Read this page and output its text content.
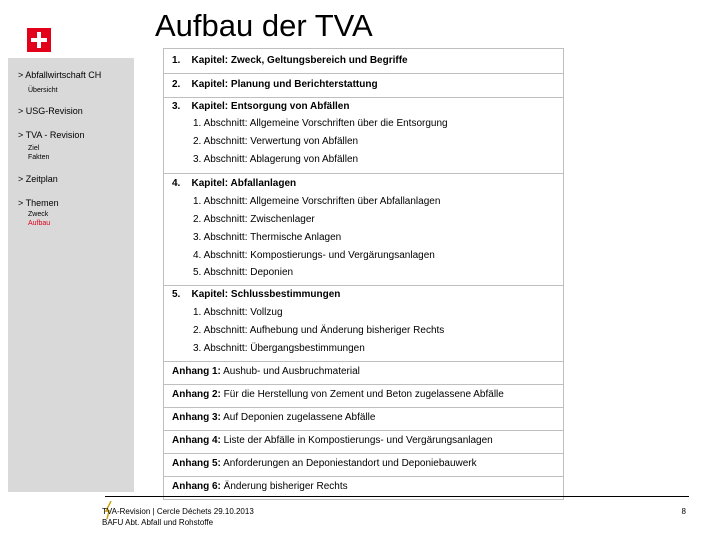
Aufbau der TVA
> Abfallwirtschaft CH
Übersicht
> USG-Revision
> TVA - Revision
Ziel
Fakten
> Zeitplan
> Themen
Zweck
Aufbau
1. Kapitel: Zweck, Geltungsbereich und Begriffe
2. Kapitel: Planung und Berichterstattung
3. Kapitel: Entsorgung von Abfällen
1. Abschnitt: Allgemeine Vorschriften über die Entsorgung
2. Abschnitt: Verwertung von Abfällen
3. Abschnitt: Ablagerung von Abfällen
4. Kapitel: Abfallanlagen
1. Abschnitt: Allgemeine Vorschriften über Abfallanlagen
2. Abschnitt: Zwischenlager
3. Abschnitt: Thermische Anlagen
4. Abschnitt: Kompostierungs- und Vergärungsanlagen
5. Abschnitt: Deponien
5. Kapitel: Schlussbestimmungen
1. Abschnitt: Vollzug
2. Abschnitt: Aufhebung und Änderung bisheriger Rechts
3. Abschnitt: Übergangsbestimmungen
Anhang 1: Aushub- und Ausbruchmaterial
Anhang 2: Für die Herstellung von Zement und Beton zugelassene Abfälle
Anhang 3: Auf Deponien zugelassene Abfälle
Anhang 4: Liste der Abfälle in Kompostierungs- und Vergärungsanlagen
Anhang 5: Anforderungen an Deponiestandort und Deponiebauwerk
Anhang 6: Änderung bisheriger Rechts
TVA-Revision | Cercle Déchets 29.10.2013
BAFU Abt. Abfall und Rohstoffe
8
